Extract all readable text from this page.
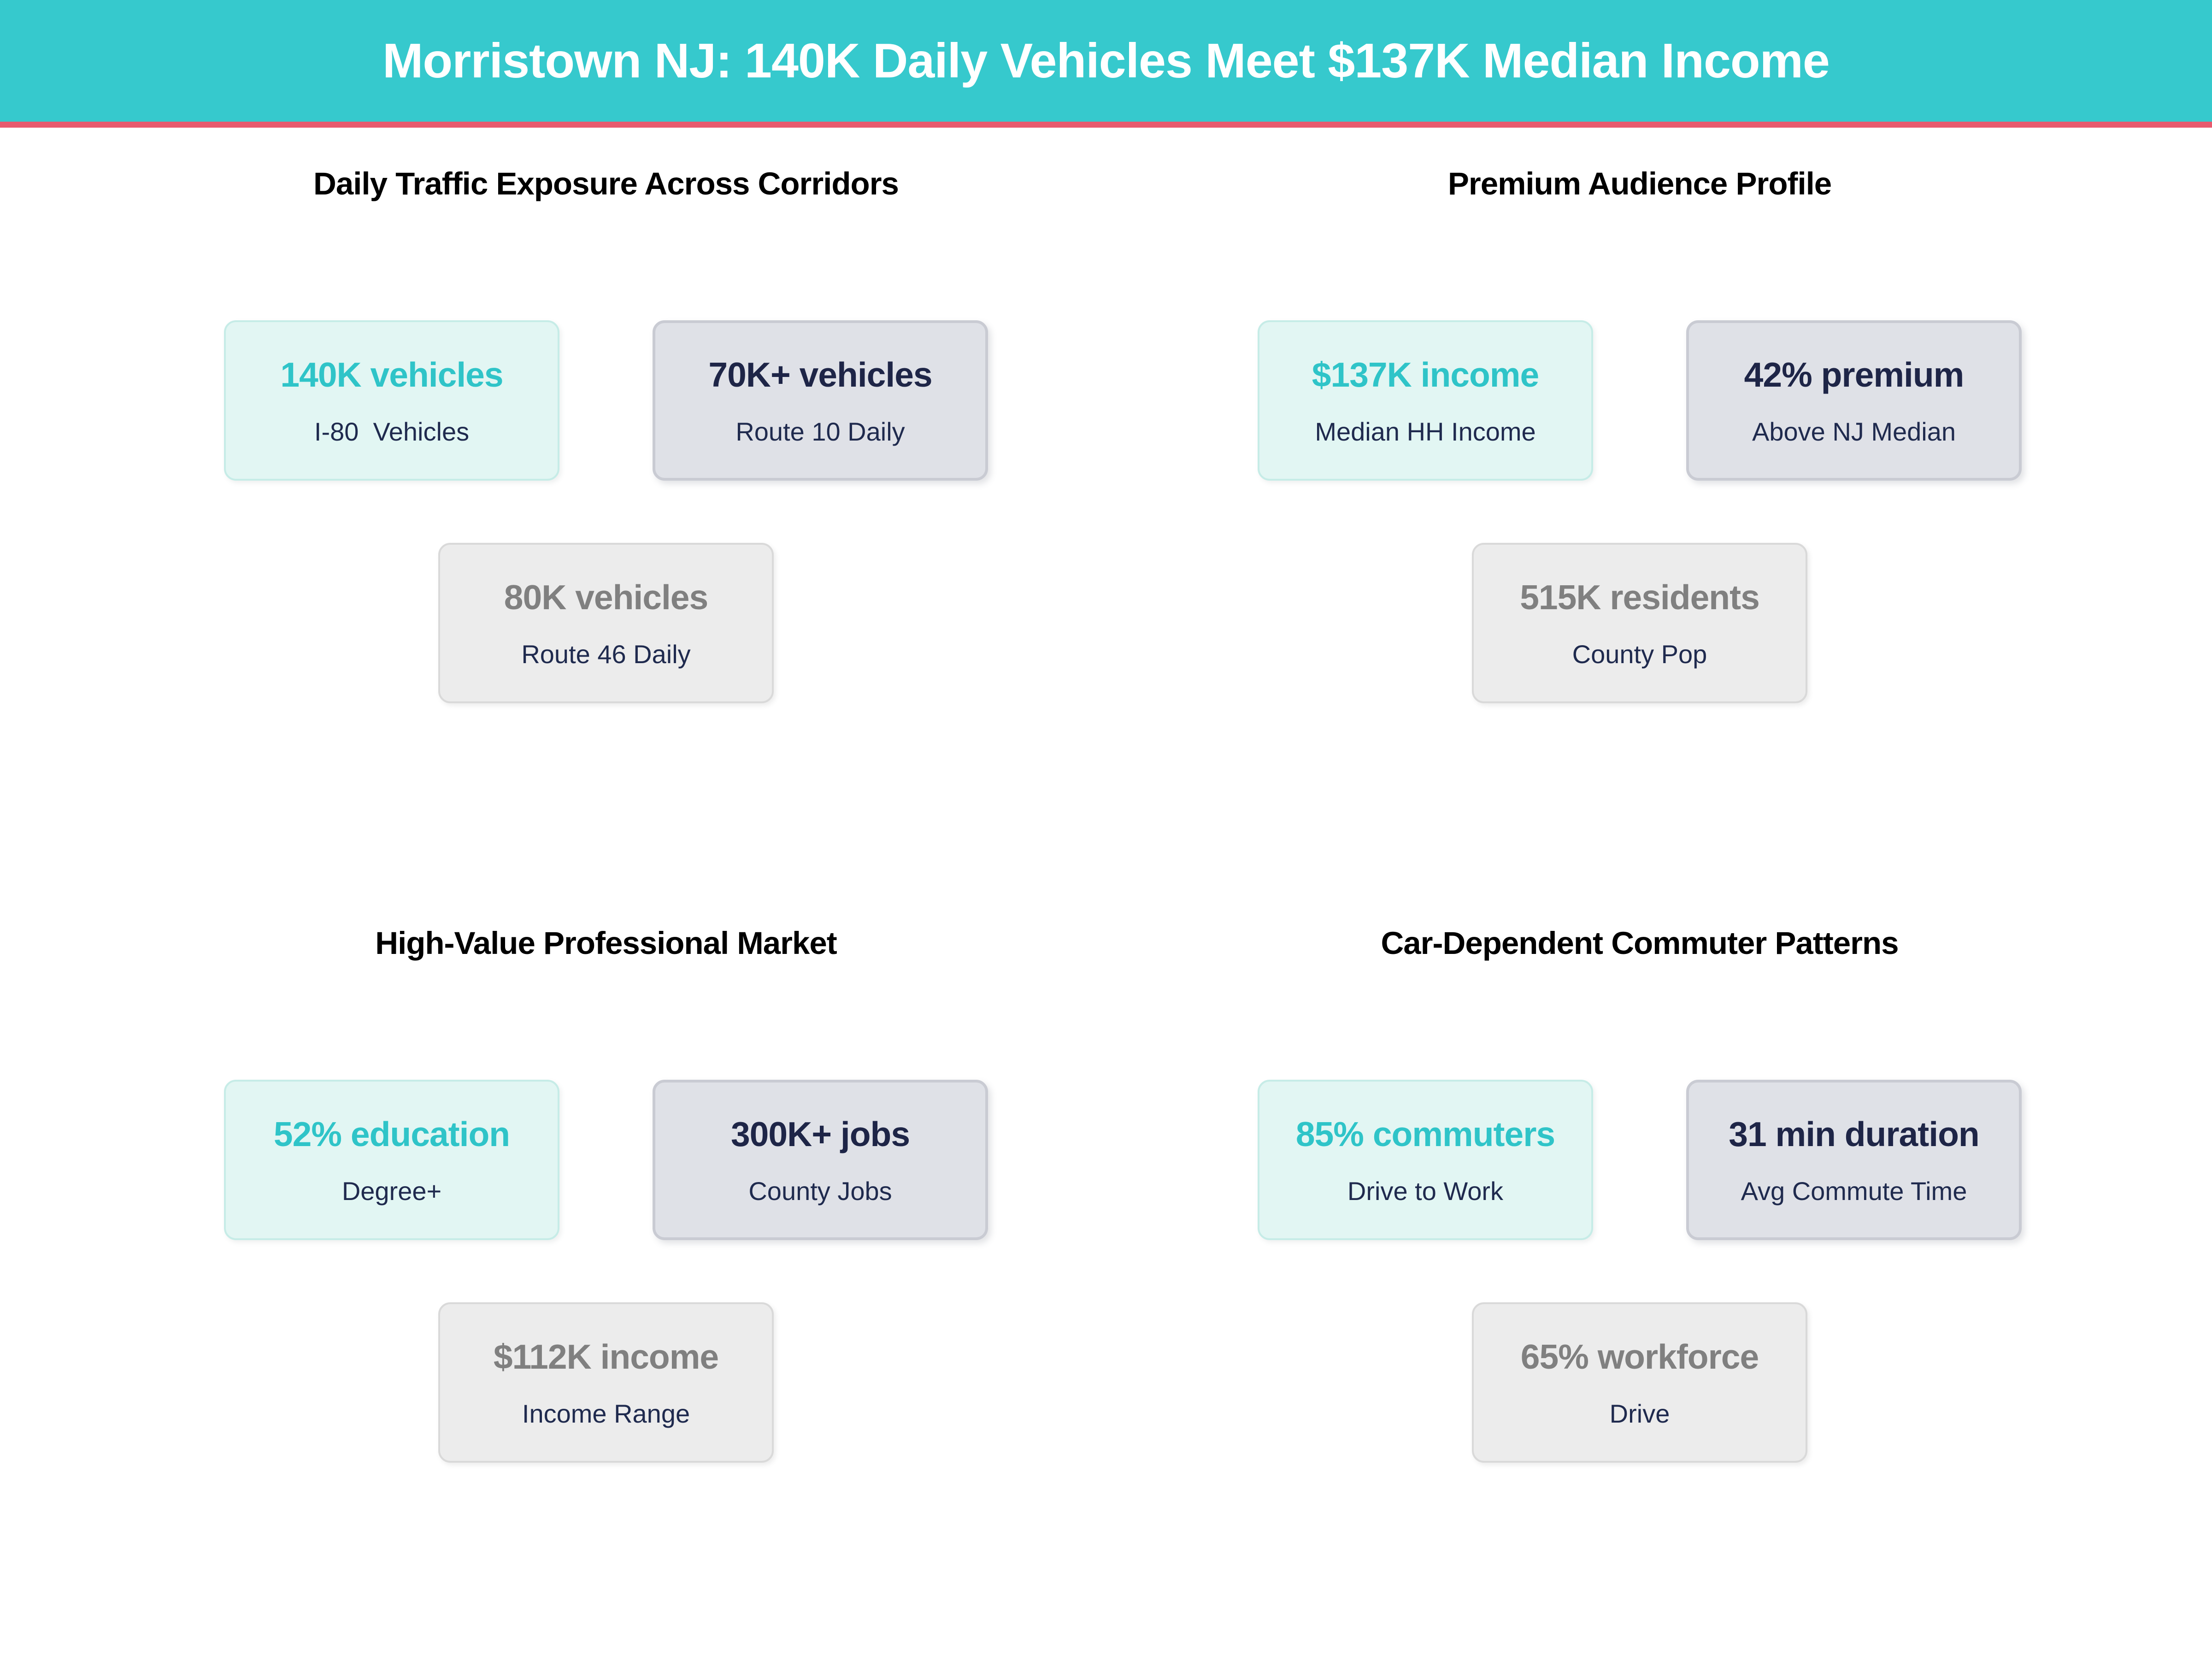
Morristown NJ: 140K Daily Vehicles Meet $137K Median Income
Daily Traffic Exposure Across Corridors
140K vehicles
I-80  Vehicles
70K+ vehicles
Route 10 Daily
80K vehicles
Route 46 Daily
Premium Audience Profile
$137K income
Median HH Income
42% premium
Above NJ Median
515K residents
County Pop
High-Value Professional Market
52% education
Degree+
300K+ jobs
County Jobs
$112K income
Income Range
Car-Dependent Commuter Patterns
85% commuters
Drive to Work
31 min duration
Avg Commute Time
65% workforce
Drive
